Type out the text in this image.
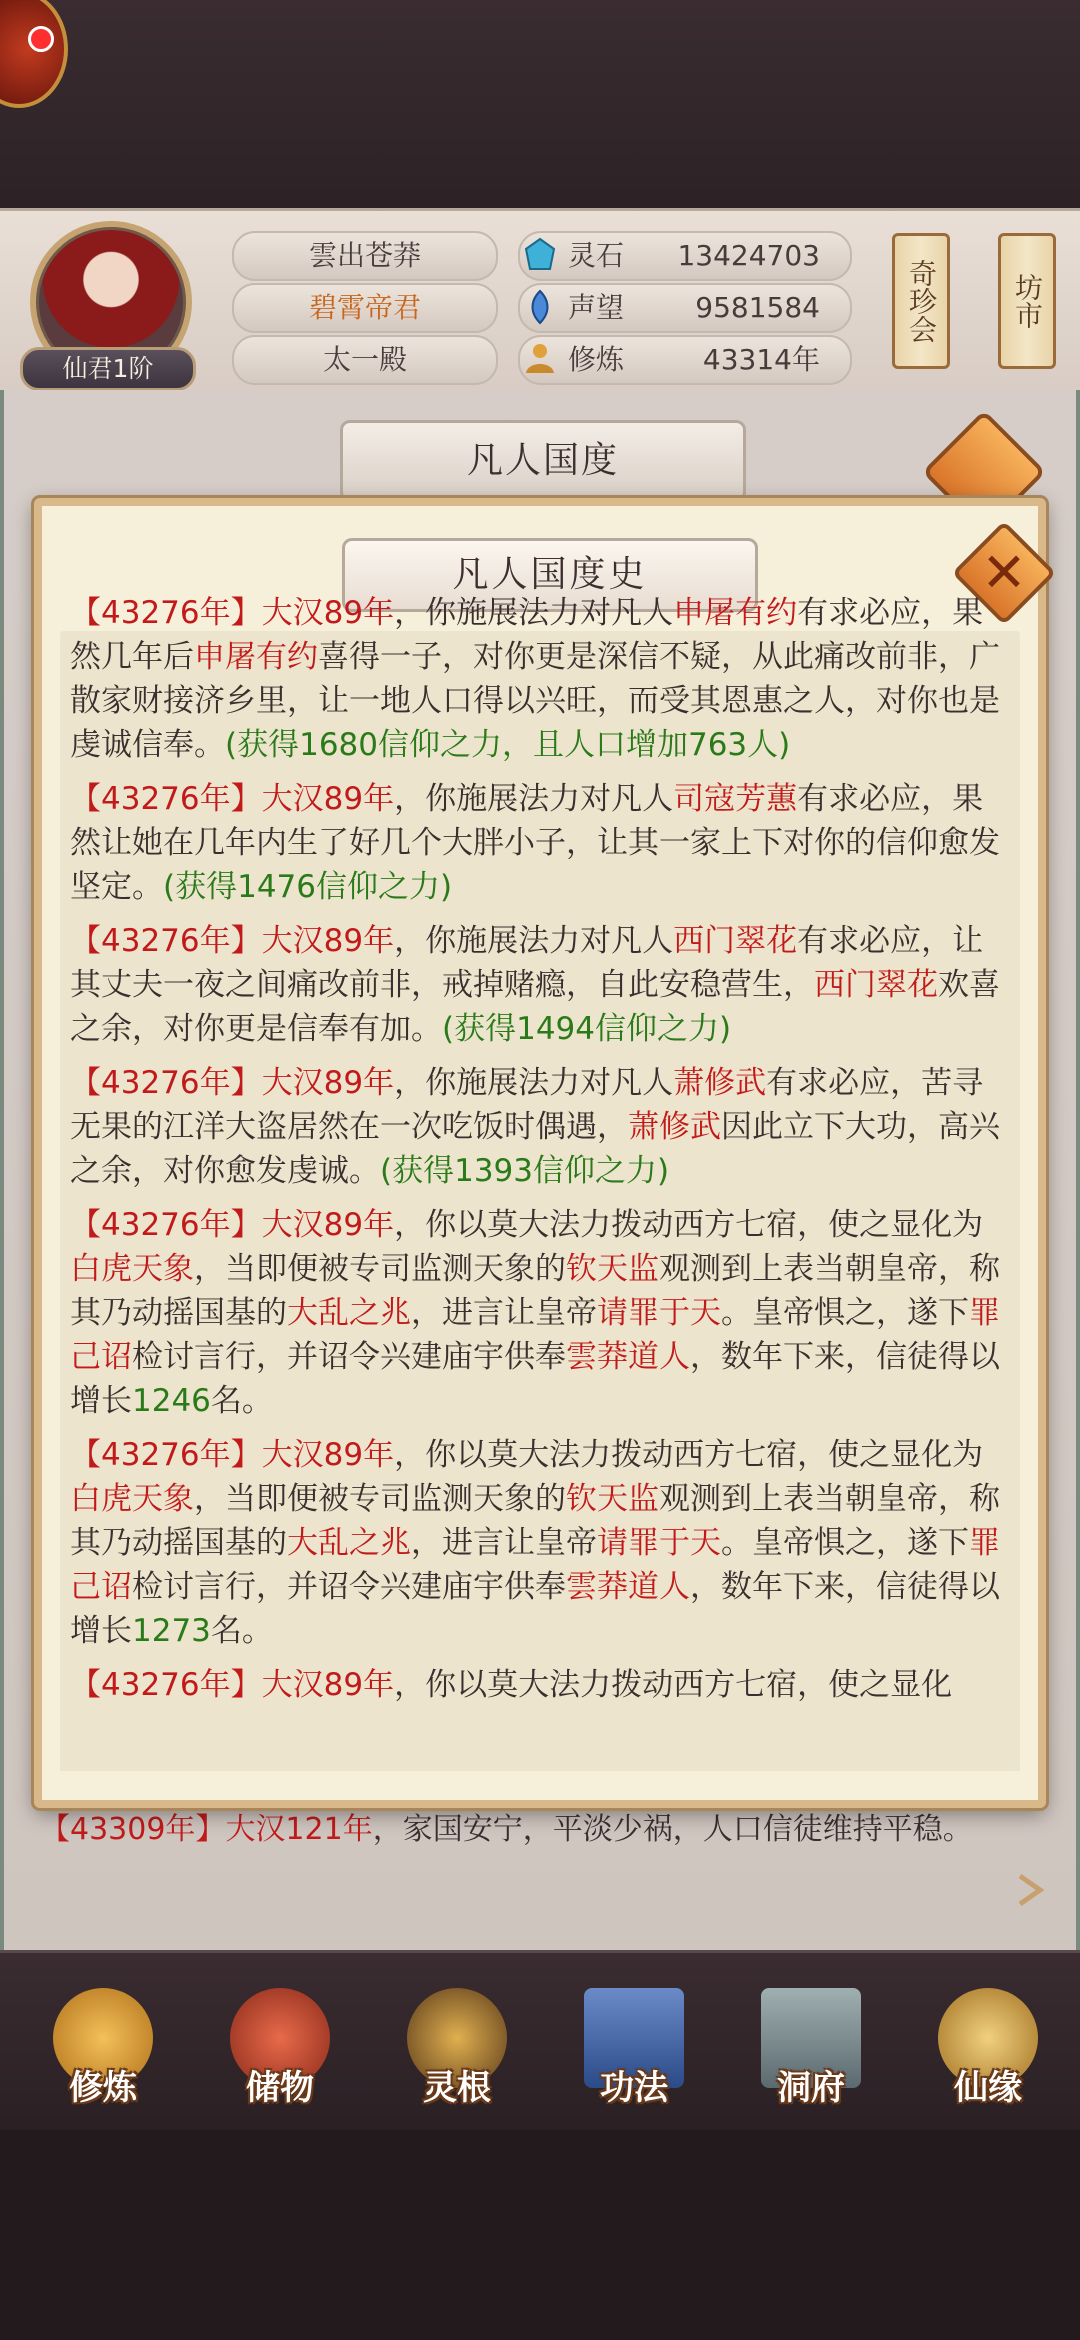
仙君1阶
雲出苍莽
碧霄帝君
太一殿
灵石 13424703
声望	9581584
修炼	43314年
奇珍会	坊市
凡人国度
【43309年】大汉121年，家国安宁，平淡少祸，人口信徒维持平稳。
修炼	储物	灵根	功法	洞府	仙缘
凡人国度史	✕
【43276年】大汉89年，你施展法力对凡人申屠有约有求必应，果然几年后申屠有约喜得一子，对你更是深信不疑，从此痛改前非，广散家财接济乡里，让一地人口得以兴旺，而受其恩惠之人，对你也是虔诚信奉。(获得1680信仰之力，且人口增加763人)
【43276年】大汉89年，你施展法力对凡人司寇芳蕙有求必应，果然让她在几年内生了好几个大胖小子，让其一家上下对你的信仰愈发坚定。(获得1476信仰之力)
【43276年】大汉89年，你施展法力对凡人西门翠花有求必应，让其丈夫一夜之间痛改前非，戒掉赌瘾，自此安稳营生，西门翠花欢喜之余，对你更是信奉有加。(获得1494信仰之力)
【43276年】大汉89年，你施展法力对凡人萧修武有求必应，苦寻无果的江洋大盗居然在一次吃饭时偶遇，萧修武因此立下大功，高兴之余，对你愈发虔诚。(获得1393信仰之力)
【43276年】大汉89年，你以莫大法力拨动西方七宿，使之显化为白虎天象，当即便被专司监测天象的钦天监观测到上表当朝皇帝，称其乃动摇国基的大乱之兆，进言让皇帝请罪于天。皇帝惧之，遂下罪己诏检讨言行，并诏令兴建庙宇供奉雲莽道人，数年下来，信徒得以增长1246名。
【43276年】大汉89年，你以莫大法力拨动西方七宿，使之显化为白虎天象，当即便被专司监测天象的钦天监观测到上表当朝皇帝，称其乃动摇国基的大乱之兆，进言让皇帝请罪于天。皇帝惧之，遂下罪己诏检讨言行，并诏令兴建庙宇供奉雲莽道人，数年下来，信徒得以增长1273名。
【43276年】大汉89年，你以莫大法力拨动西方七宿，使之显化
